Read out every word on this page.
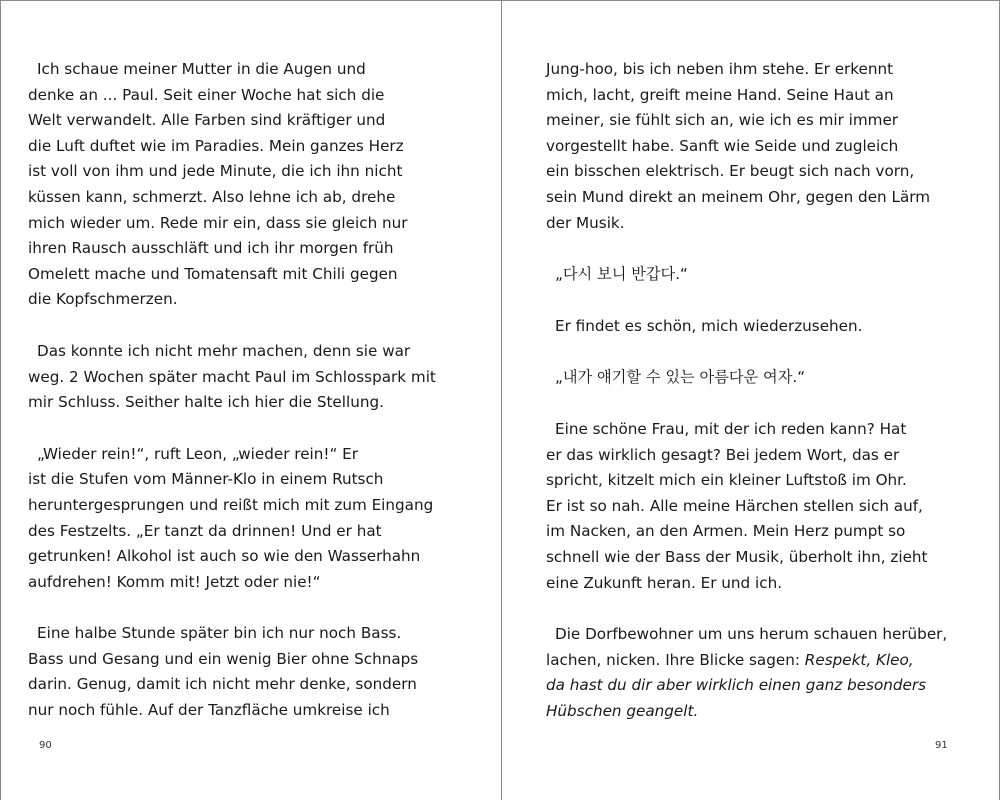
Ich schaue meiner Mutter in die Augen und
denke an ... Paul. Seit einer Woche hat sich die
Welt verwandelt. Alle Farben sind kräftiger und
die Luft duftet wie im Paradies. Mein ganzes Herz
ist voll von ihm und jede Minute, die ich ihn nicht
küssen kann, schmerzt. Also lehne ich ab, drehe
mich wieder um. Rede mir ein, dass sie gleich nur
ihren Rausch ausschläft und ich ihr morgen früh
Omelett mache und Tomatensaft mit Chili gegen
die Kopfschmerzen.

Das konnte ich nicht mehr machen, denn sie war
weg. 2 Wochen später macht Paul im Schlosspark mit
mir Schluss. Seither halte ich hier die Stellung.

„Wieder rein!“, ruft Leon, „wieder rein!“ Er
ist die Stufen vom Männer-Klo in einem Rutsch
heruntergesprungen und reißt mich mit zum Eingang
des Festzelts. „Er tanzt da drinnen! Und er hat
getrunken! Alkohol ist auch so wie den Wasserhahn
aufdrehen! Komm mit! Jetzt oder nie!“

Eine halbe Stunde später bin ich nur noch Bass.
Bass und Gesang und ein wenig Bier ohne Schnaps
darin. Genug, damit ich nicht mehr denke, sondern
nur noch fühle. Auf der Tanzfläche umkreise ich

90

Jung-hoo, bis ich neben ihm stehe. Er erkennt
mich, lacht, greift meine Hand. Seine Haut an
meiner, sie fühlt sich an, wie ich es mir immer
vorgestellt habe. Sanft wie Seide und zugleich
ein bisschen elektrisch. Er beugt sich nach vorn,
sein Mund direkt an meinem Ohr, gegen den Lärm
der Musik.

„다시 보니 반갑다.“

Er findet es schön, mich wiederzusehen.

„내가 얘기할 수 있는 아름다운 여자.“

Eine schöne Frau, mit der ich reden kann? Hat
er das wirklich gesagt? Bei jedem Wort, das er
spricht, kitzelt mich ein kleiner Luftstoß im Ohr.
Er ist so nah. Alle meine Härchen stellen sich auf,
im Nacken, an den Armen. Mein Herz pumpt so
schnell wie der Bass der Musik, überholt ihn, zieht
eine Zukunft heran. Er und ich.

Die Dorfbewohner um uns herum schauen herüber,
lachen, nicken. Ihre Blicke sagen: Respekt, Kleo,
da hast du dir aber wirklich einen ganz besonders
Hübschen geangelt.

91
